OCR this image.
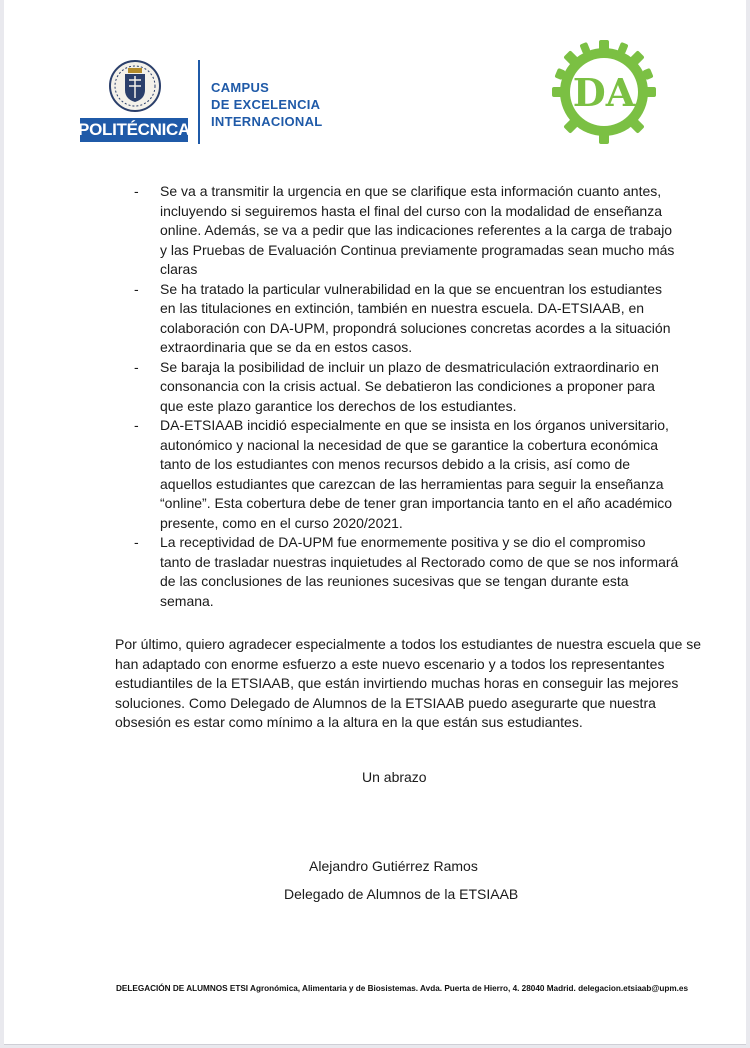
POLITÉCNICA
CAMPUS
DE EXCELENCIA
INTERNACIONAL
DA
- Se va a transmitir la urgencia en que se clarifique esta información cuanto antes, incluyendo si seguiremos hasta el final del curso con la modalidad de enseñanza online. Además, se va a pedir que las indicaciones referentes a la carga de trabajo y las Pruebas de Evaluación Continua previamente programadas sean mucho más claras
- Se ha tratado la particular vulnerabilidad en la que se encuentran los estudiantes en las titulaciones en extinción, también en nuestra escuela. DA-ETSIAAB, en colaboración con DA-UPM, propondrá soluciones concretas acordes a la situación extraordinaria que se da en estos casos.
- Se baraja la posibilidad de incluir un plazo de desmatriculación extraordinario en consonancia con la crisis actual. Se debatieron las condiciones a proponer para que este plazo garantice los derechos de los estudiantes.
- DA-ETSIAAB incidió especialmente en que se insista en los órganos universitario, autonómico y nacional la necesidad de que se garantice la cobertura económica tanto de los estudiantes con menos recursos debido a la crisis, así como de aquellos estudiantes que carezcan de las herramientas para seguir la enseñanza “online”. Esta cobertura debe de tener gran importancia tanto en el año académico presente, como en el curso 2020/2021.
- La receptividad de DA-UPM fue enormemente positiva y se dio el compromiso tanto de trasladar nuestras inquietudes al Rectorado como de que se nos informará de las conclusiones de las reuniones sucesivas que se tengan durante esta semana.

Por último, quiero agradecer especialmente a todos los estudiantes de nuestra escuela que se han adaptado con enorme esfuerzo a este nuevo escenario y a todos los representantes estudiantiles de la ETSIAAB, que están invirtiendo muchas horas en conseguir las mejores soluciones. Como Delegado de Alumnos de la ETSIAAB puedo asegurarte que nuestra obsesión es estar como mínimo a la altura en la que están sus estudiantes.

Un abrazo
Alejandro Gutiérrez Ramos
Delegado de Alumnos de la ETSIAAB
DELEGACIÓN DE ALUMNOS ETSI Agronómica, Alimentaria y de Biosistemas. Avda. Puerta de Hierro, 4. 28040 Madrid. delegacion.etsiaab@upm.es
